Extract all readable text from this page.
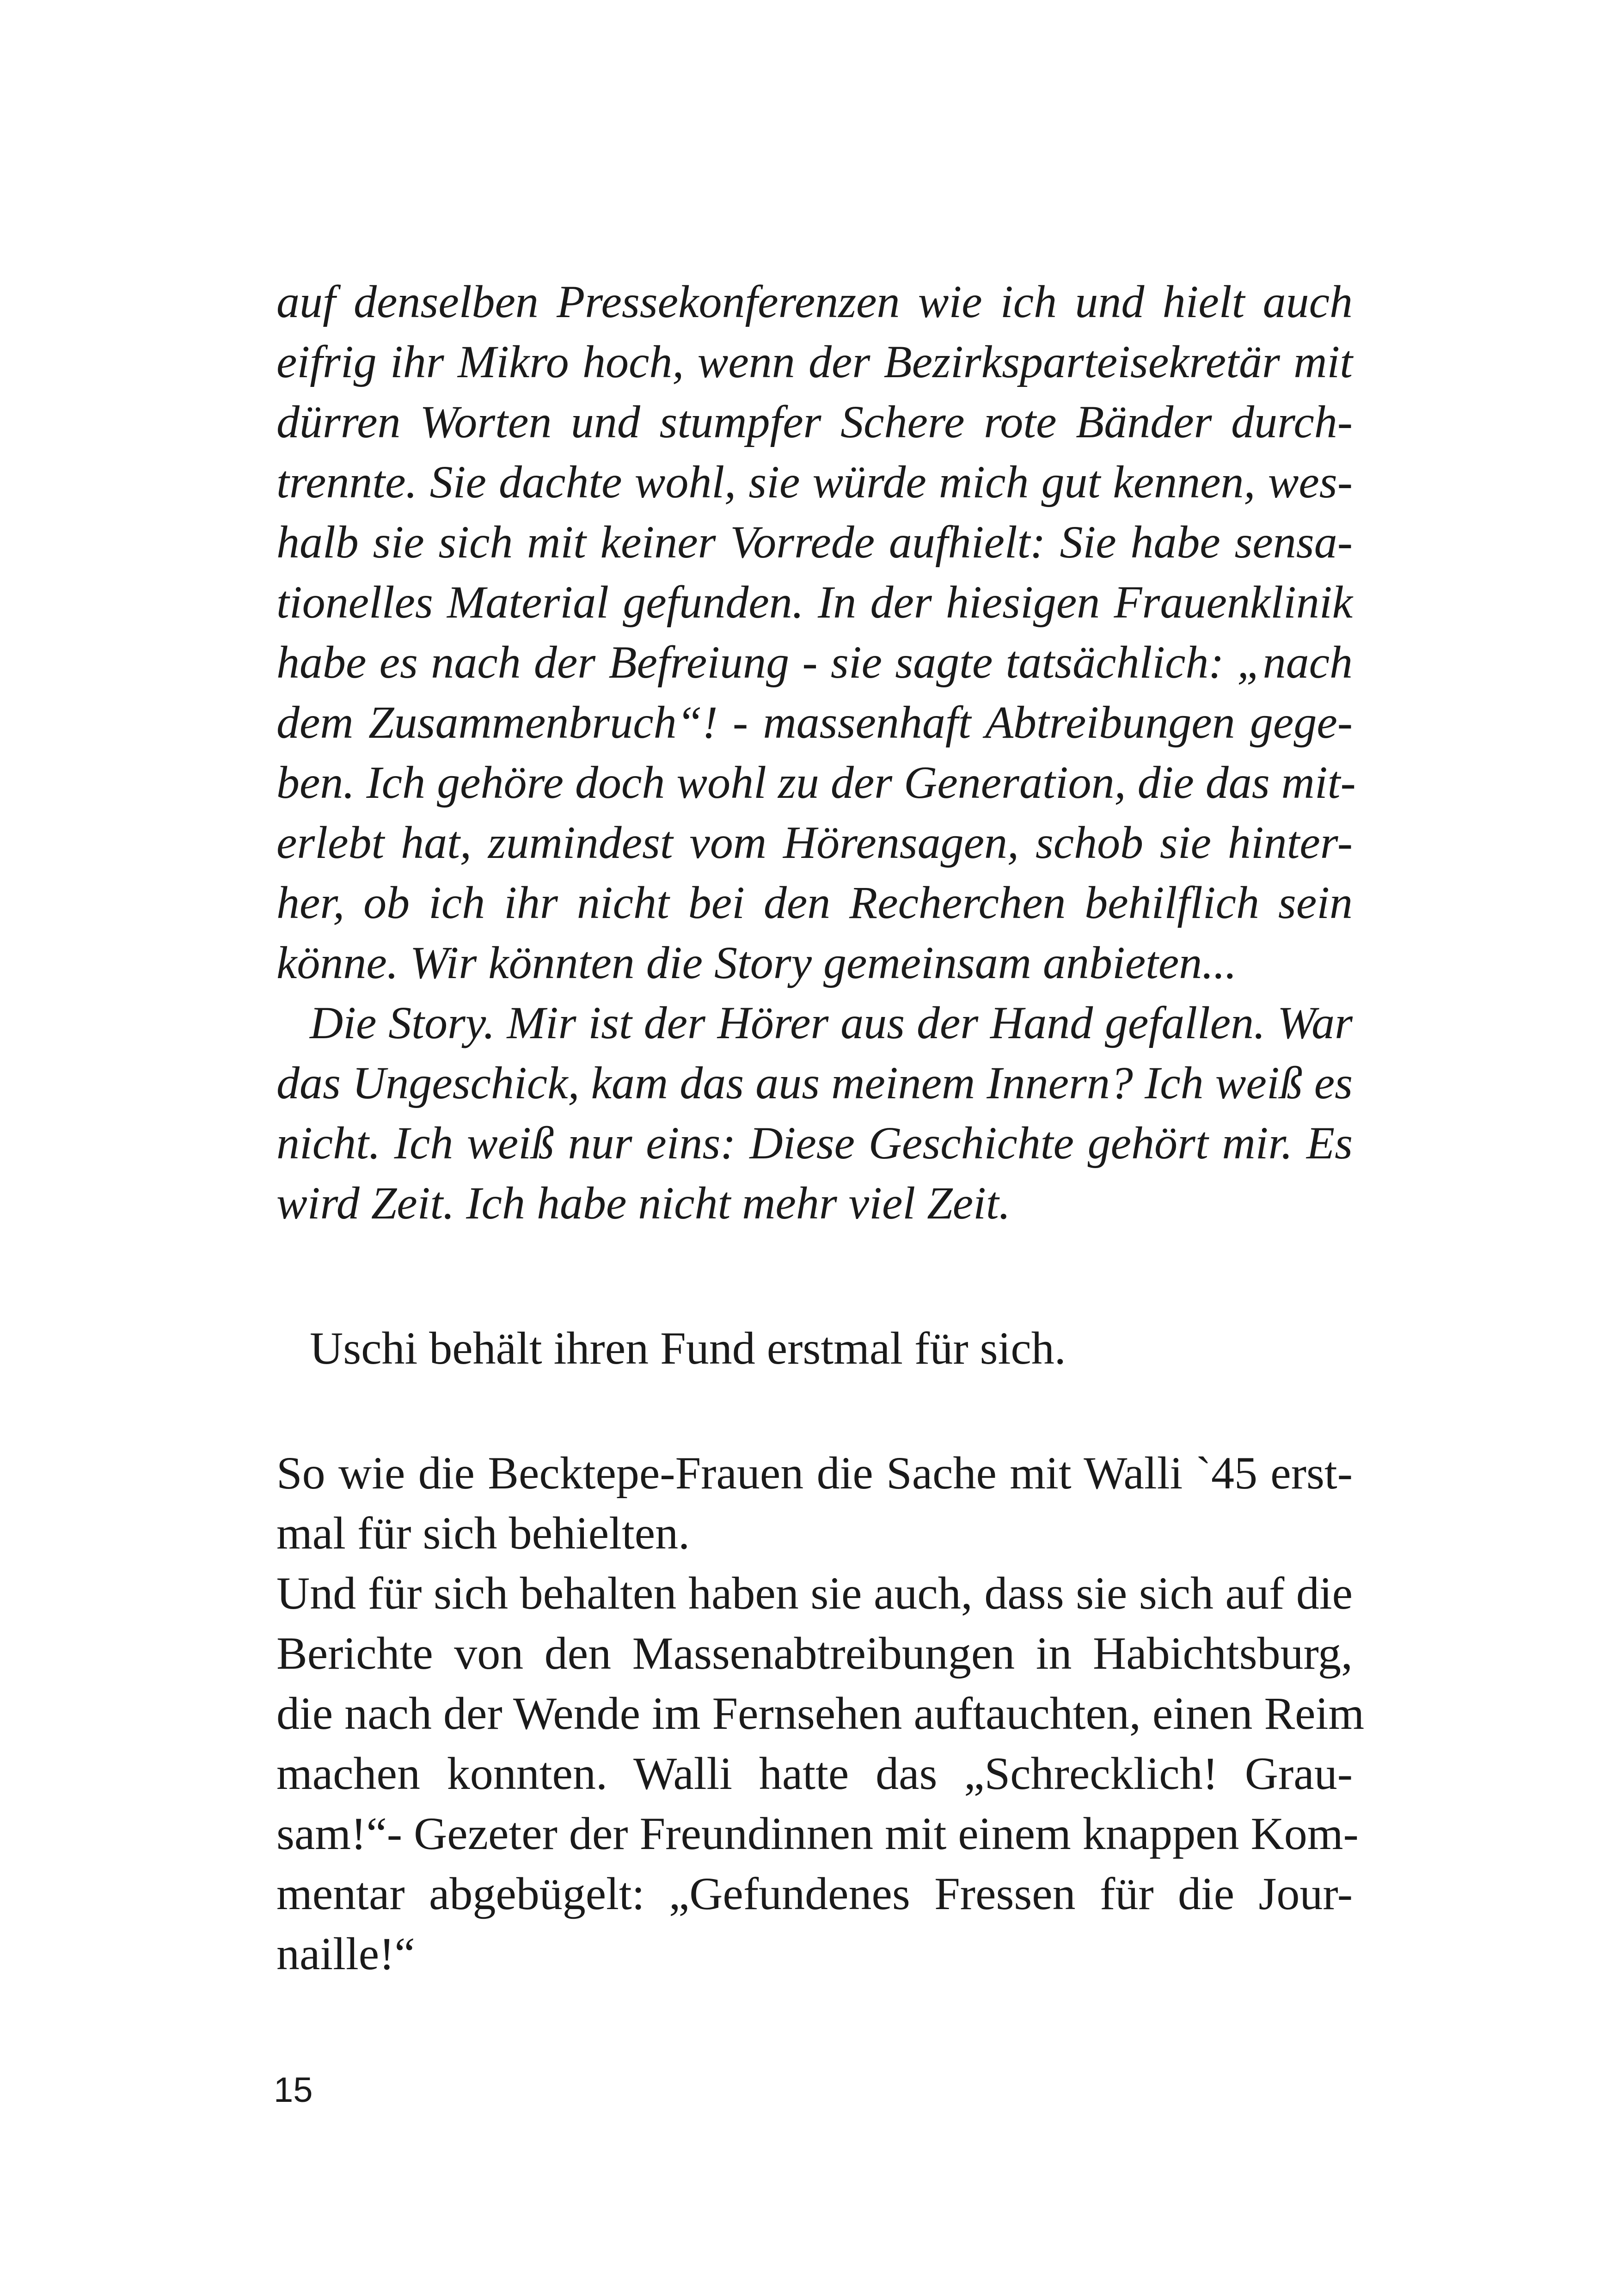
auf denselben Pressekonferenzen wie ich und hielt auch
eifrig ihr Mikro hoch, wenn der Bezirksparteisekretär mit
dürren Worten und stumpfer Schere rote Bänder durch-
trennte. Sie dachte wohl, sie würde mich gut kennen, wes-
halb sie sich mit keiner Vorrede aufhielt: Sie habe sensa-
tionelles Material gefunden. In der hiesigen Frauenklinik
habe es nach der Befreiung - sie sagte tatsächlich: „nach
dem Zusammenbruch“! - massenhaft Abtreibungen gege-
ben. Ich gehöre doch wohl zu der Generation, die das mit-
erlebt hat, zumindest vom Hörensagen, schob sie hinter-
her, ob ich ihr nicht bei den Recherchen behilflich sein
könne. Wir könnten die Story gemeinsam anbieten...
Die Story. Mir ist der Hörer aus der Hand gefallen. War
das Ungeschick, kam das aus meinem Innern? Ich weiß es
nicht. Ich weiß nur eins: Diese Geschichte gehört mir. Es
wird Zeit. Ich habe nicht mehr viel Zeit.
Uschi behält ihren Fund erstmal für sich.
So wie die Becktepe-Frauen die Sache mit Walli `45 erst-
mal für sich behielten.
Und für sich behalten haben sie auch, dass sie sich auf die
Berichte von den Massenabtreibungen in Habichtsburg,
die nach der Wende im Fernsehen auftauchten, einen Reim
machen konnten. Walli hatte das „Schrecklich! Grau-
sam!“- Gezeter der Freundinnen mit einem knappen Kom-
mentar abgebügelt: „Gefundenes Fressen für die Jour-
naille!“
15
